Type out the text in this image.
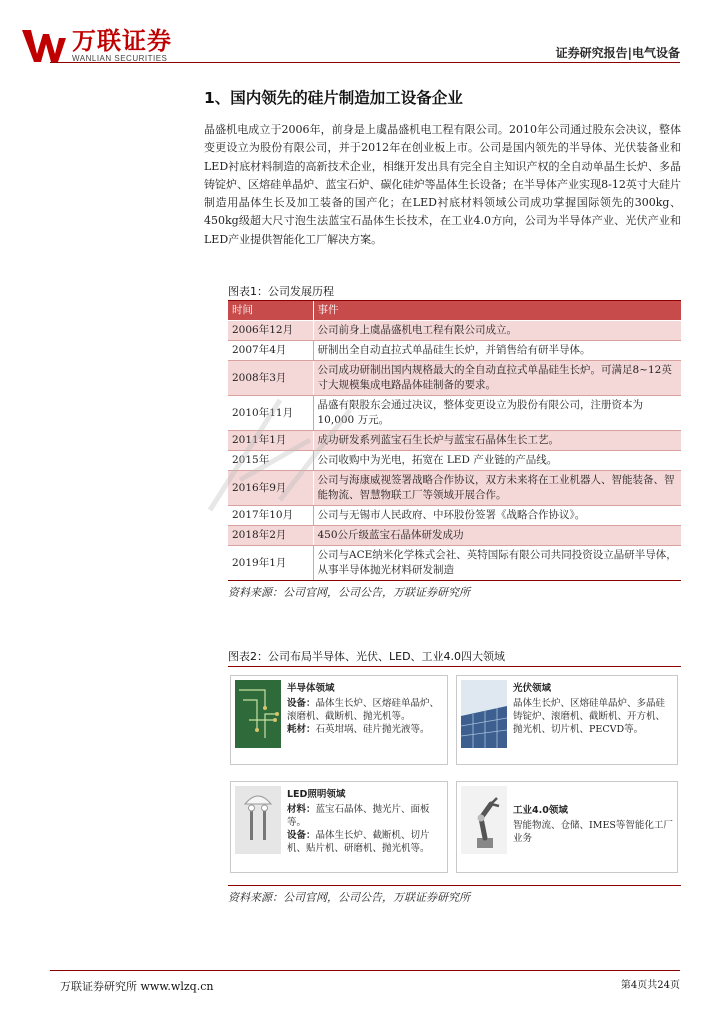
万联证券
WANLIAN SECURITIES	证券研究报告|电气设备
1、国内领先的硅片制造加工设备企业

晶盛机电成立于2006年，前身是上虞晶盛机电工程有限公司。2010年公司通过股东会决议，整体变更设立为股份有限公司，并于2012年在创业板上市。公司是国内领先的半导体、光伏装备业和LED衬底材料制造的高新技术企业，相继开发出具有完全自主知识产权的全自动单晶生长炉、多晶铸锭炉、区熔硅单晶炉、蓝宝石炉、碳化硅炉等晶体生长设备；在半导体产业实现8-12英寸大硅片制造用晶体生长及加工装备的国产化；在LED衬底材料领域公司成功掌握国际领先的300kg、450kg级超大尺寸泡生法蓝宝石晶体生长技术，在工业4.0方向，公司为半导体产业、光伏产业和LED产业提供智能化工厂解决方案。

图表1：公司发展历程
时间	事件
2006年12月	公司前身上虞晶盛机电工程有限公司成立。
2007年4月	研制出全自动直拉式单晶硅生长炉，并销售给有研半导体。
2008年3月	公司成功研制出国内规格最大的全自动直拉式单晶硅生长炉。可满足8~12英寸大规模集成电路晶体硅制备的要求。
2010年11月	晶盛有限股东会通过决议，整体变更设立为股份有限公司，注册资本为 10,000 万元。
2011年1月	成功研发系列蓝宝石生长炉与蓝宝石晶体生长工艺。
2015年	公司收购中为光电，拓宽在 LED 产业链的产品线。
2016年9月	公司与海康威视签署战略合作协议，双方未来将在工业机器人、智能装备、智能物流、智慧物联工厂等领域开展合作。
2017年10月	公司与无锡市人民政府、中环股份签署《战略合作协议》。
2018年2月	450公斤级蓝宝石晶体研发成功
2019年1月	公司与ACE纳米化学株式会社、英特国际有限公司共同投资设立晶研半导体，从事半导体抛光材料研发制造
资料来源：公司官网，公司公告，万联证券研究所
图表2：公司布局半导体、光伏、LED、工业4.0四大领域
半导体领域
设备：晶体生长炉、区熔硅单晶炉、滚磨机、截断机、抛光机等。
耗材：石英坩埚、硅片抛光液等。
光伏领域
晶体生长炉、区熔硅单晶炉、多晶硅铸锭炉、滚磨机、截断机、开方机、抛光机、切片机、PECVD等。
LED照明领域
材料：蓝宝石晶体、抛光片、面板等。
设备：晶体生长炉、截断机、切片机、贴片机、研磨机、抛光机等。
工业4.0领域
智能物流、仓储、IMES等智能化工厂业务
资料来源：公司官网，公司公告，万联证券研究所
万联证券研究所 www.wlzq.cn	第4页共24页
